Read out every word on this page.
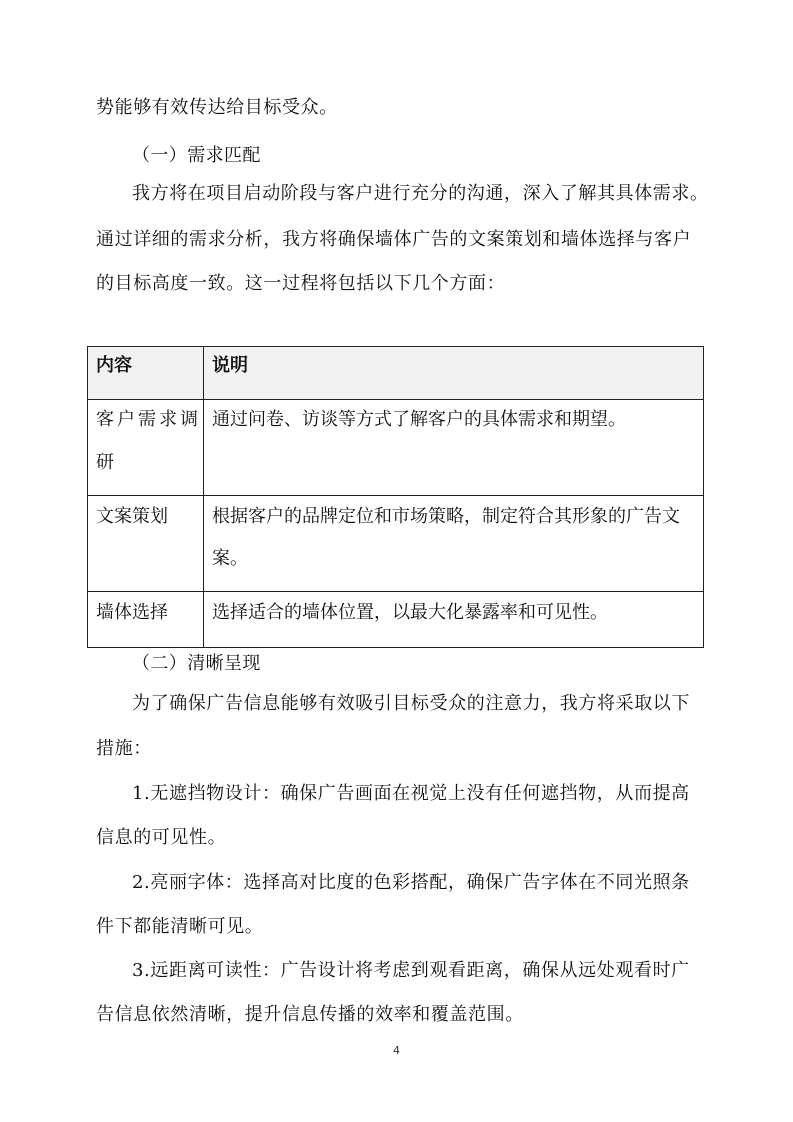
势能够有效传达给目标受众。
（一）需求匹配
我方将在项目启动阶段与客户进行充分的沟通，深入了解其具体需求。
通过详细的需求分析，我方将确保墙体广告的文案策划和墙体选择与客户
的目标高度一致。这一过程将包括以下几个方面：
内容	说明
客户需求调
研
通过问卷、访谈等方式了解客户的具体需求和期望。
文案策划 根据客户的品牌定位和市场策略，制定符合其形象的广告文
案。
墙体选择 选择适合的墙体位置，以最大化暴露率和可见性。
（二）清晰呈现
为了确保广告信息能够有效吸引目标受众的注意力，我方将采取以下
措施：
1.无遮挡物设计：确保广告画面在视觉上没有任何遮挡物，从而提高
信息的可见性。
2.亮丽字体：选择高对比度的色彩搭配，确保广告字体在不同光照条
件下都能清晰可见。
3.远距离可读性：广告设计将考虑到观看距离，确保从远处观看时广
告信息依然清晰，提升信息传播的效率和覆盖范围。
4
